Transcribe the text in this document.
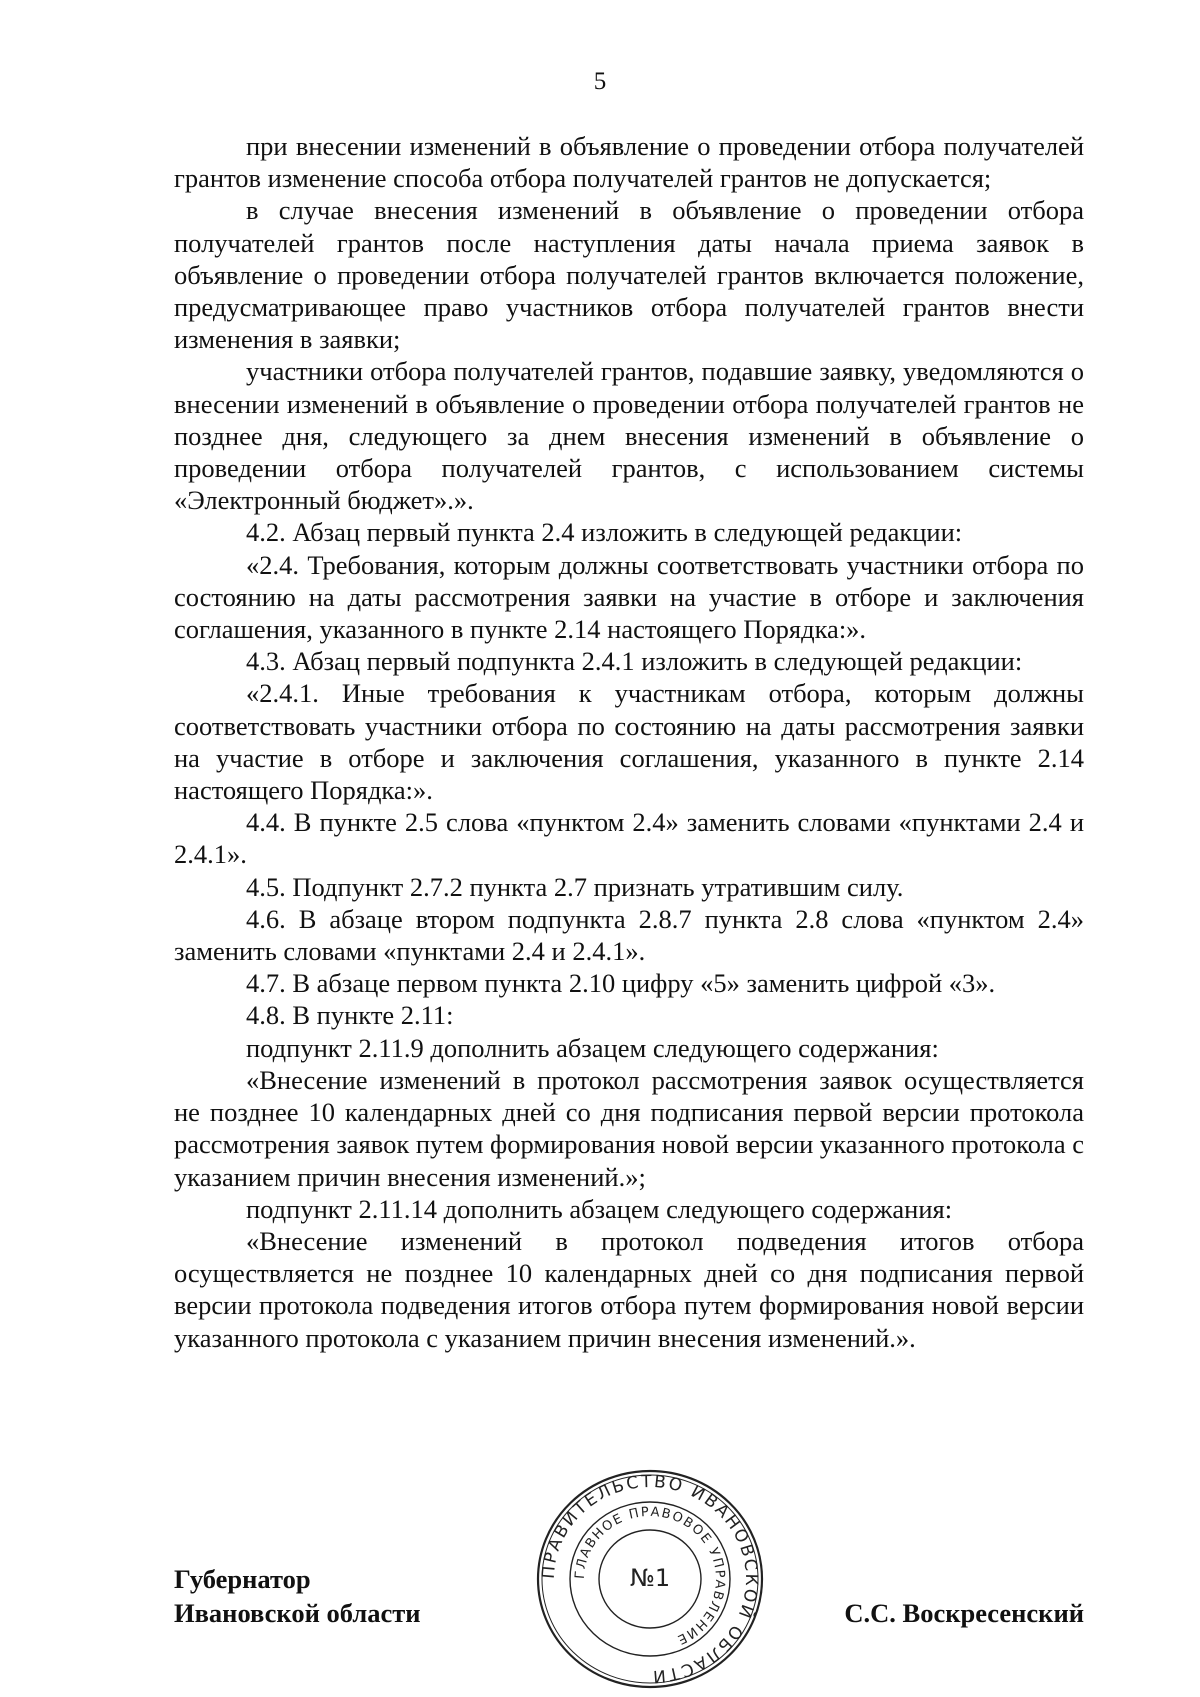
5

при внесении изменений в объявление о проведении отбора получателей грантов изменение способа отбора получателей грантов не допускается;

в случае внесения изменений в объявление о проведении отбора получателей грантов после наступления даты начала приема заявок в объявление о проведении отбора получателей грантов включается положение, предусматривающее право участников отбора получателей грантов внести изменения в заявки;

участники отбора получателей грантов, подавшие заявку, уведомляются о внесении изменений в объявление о проведении отбора получателей грантов не позднее дня, следующего за днем внесения изменений в объявление о проведении отбора получателей грантов, с использованием системы «Электронный бюджет».».

4.2. Абзац первый пункта 2.4 изложить в следующей редакции:

«2.4. Требования, которым должны соответствовать участники отбора по состоянию на даты рассмотрения заявки на участие в отборе и заключения соглашения, указанного в пункте 2.14 настоящего Порядка:».

4.3. Абзац первый подпункта 2.4.1 изложить в следующей редакции:

«2.4.1. Иные требования к участникам отбора, которым должны соответствовать участники отбора по состоянию на даты рассмотрения заявки на участие в отборе и заключения соглашения, указанного в пункте 2.14 настоящего Порядка:».

4.4. В пункте 2.5 слова «пунктом 2.4» заменить словами «пунктами 2.4 и 2.4.1».

4.5. Подпункт 2.7.2 пункта 2.7 признать утратившим силу.

4.6. В абзаце втором подпункта 2.8.7 пункта 2.8 слова «пунктом 2.4» заменить словами «пунктами 2.4 и 2.4.1».

4.7. В абзаце первом пункта 2.10 цифру «5» заменить цифрой «3».

4.8. В пункте 2.11:

подпункт 2.11.9 дополнить абзацем следующего содержания:

«Внесение изменений в протокол рассмотрения заявок осуществляется не позднее 10 календарных дней со дня подписания первой версии протокола рассмотрения заявок путем формирования новой версии указанного протокола с указанием причин внесения изменений.»;

подпункт 2.11.14 дополнить абзацем следующего содержания:

«Внесение изменений в протокол подведения итогов отбора осуществляется не позднее 10 календарных дней со дня подписания первой версии протокола подведения итогов отбора путем формирования новой версии указанного протокола с указанием причин внесения изменений.».

Губернатор
Ивановской области
ПРАВИТЕЛЬСТВО ИВАНОВСКОЙ ОБЛАСТИ
ГЛАВНОЕ ПРАВОВОЕ УПРАВЛЕНИЕ
№1
С.С. Воскресенский
